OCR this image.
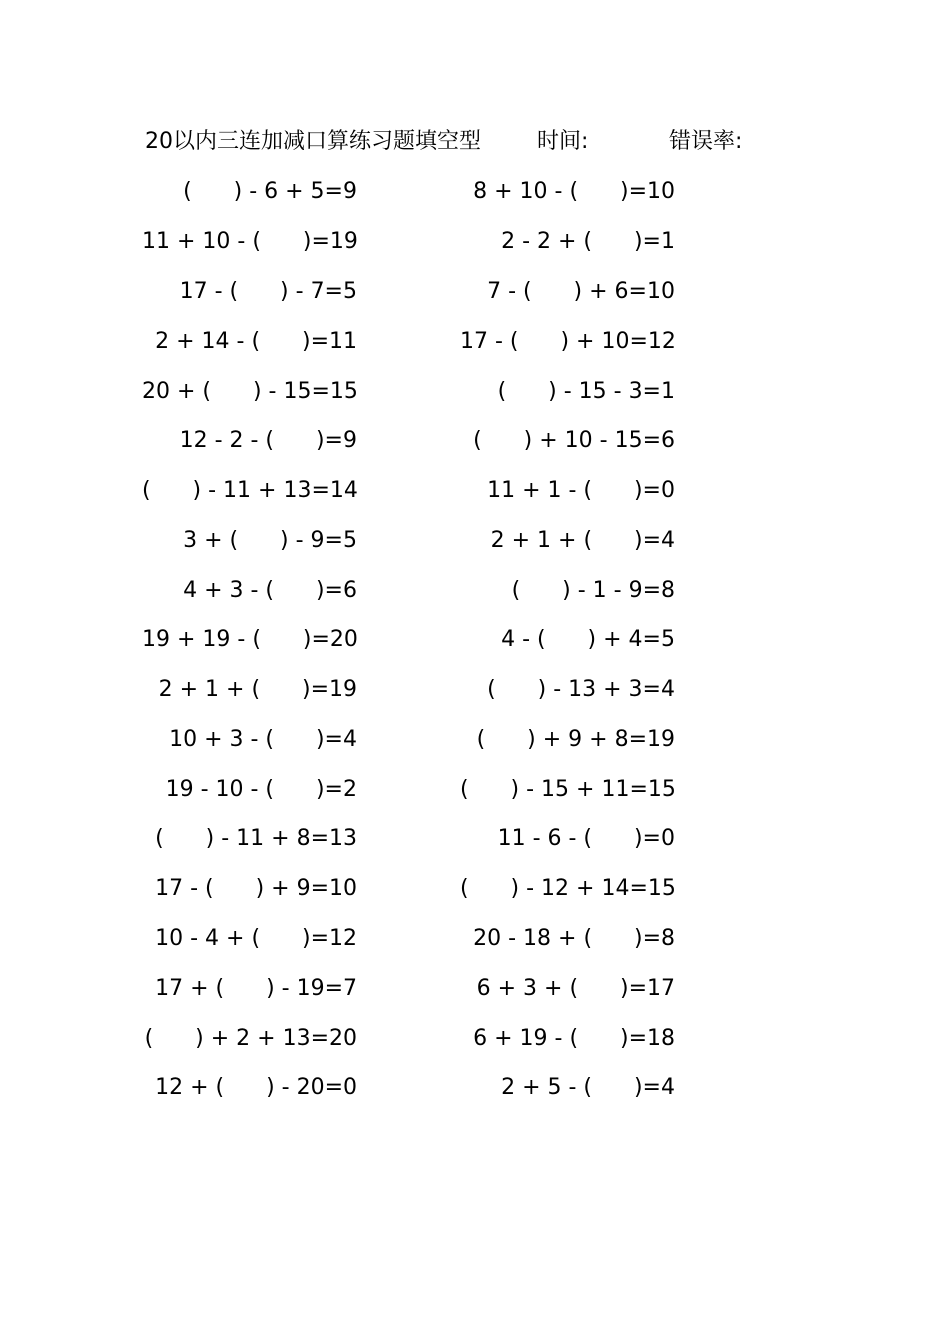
20以内三连加减口算练习题填空型	时间:	错误率:
(      ) - 6 + 5=9	8 + 10 - (      )=10
11 + 10 - (      )=19	2 - 2 + (      )=1
17 - (      ) - 7=5	7 - (      ) + 6=10
2 + 14 - (      )=11	17 - (      ) + 10=12
20 + (      ) - 15=15	(      ) - 15 - 3=1
12 - 2 - (      )=9	(      ) + 10 - 15=6
(      ) - 11 + 13=14	11 + 1 - (      )=0
3 + (      ) - 9=5	2 + 1 + (      )=4
4 + 3 - (      )=6	(      ) - 1 - 9=8
19 + 19 - (      )=20	4 - (      ) + 4=5
2 + 1 + (      )=19	(      ) - 13 + 3=4
10 + 3 - (      )=4	(      ) + 9 + 8=19
19 - 10 - (      )=2	(      ) - 15 + 11=15
(      ) - 11 + 8=13	11 - 6 - (      )=0
17 - (      ) + 9=10	(      ) - 12 + 14=15
10 - 4 + (      )=12	20 - 18 + (      )=8
17 + (      ) - 19=7	6 + 3 + (      )=17
(      ) + 2 + 13=20	6 + 19 - (      )=18
12 + (      ) - 20=0	2 + 5 - (      )=4
